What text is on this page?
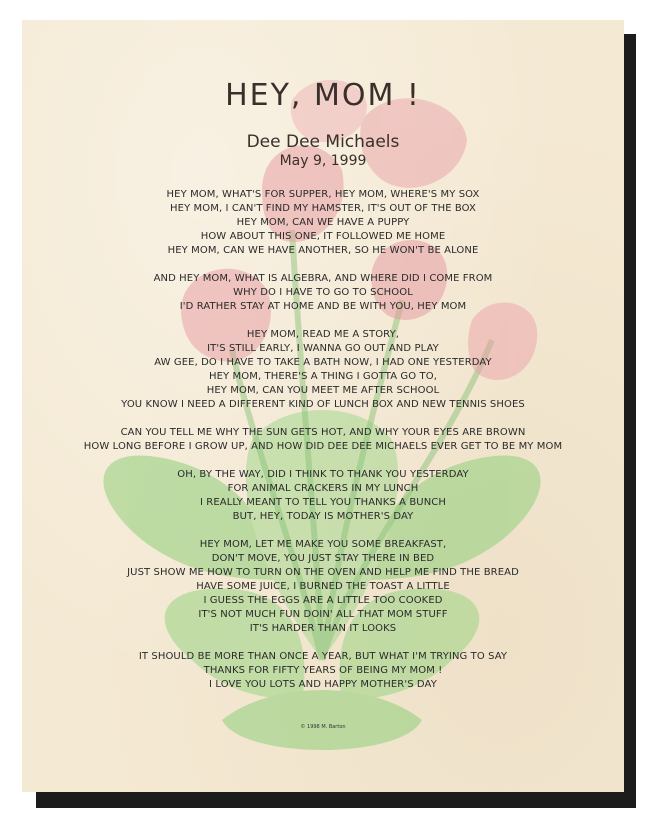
HEY, MOM !
Dee Dee Michaels
May 9, 1999
HEY MOM, WHAT'S FOR SUPPER, HEY MOM, WHERE'S MY SOX
HEY MOM, I CAN'T FIND MY HAMSTER, IT'S OUT OF THE BOX
HEY MOM, CAN WE HAVE A PUPPY
HOW ABOUT THIS ONE, IT FOLLOWED ME HOME
HEY MOM, CAN WE HAVE ANOTHER, SO HE WON'T BE ALONE
AND HEY MOM, WHAT IS ALGEBRA, AND WHERE DID I COME FROM
WHY DO I HAVE TO GO TO SCHOOL
I'D RATHER STAY AT HOME AND BE WITH YOU, HEY MOM
HEY MOM, READ ME A STORY,
IT'S STILL EARLY, I WANNA GO OUT AND PLAY
AW GEE, DO I HAVE TO TAKE A BATH NOW, I HAD ONE YESTERDAY
HEY MOM, THERE'S A THING I GOTTA GO TO,
HEY MOM, CAN YOU MEET ME AFTER SCHOOL
YOU KNOW I NEED A DIFFERENT KIND OF LUNCH BOX AND NEW TENNIS SHOES
CAN YOU TELL ME WHY THE SUN GETS HOT, AND WHY YOUR EYES ARE BROWN
HOW LONG BEFORE I GROW UP, AND HOW DID DEE DEE MICHAELS EVER GET TO BE MY MOM
OH, BY THE WAY, DID I THINK TO THANK YOU YESTERDAY
FOR ANIMAL CRACKERS IN MY LUNCH
I REALLY MEANT TO TELL YOU THANKS A BUNCH
BUT, HEY, TODAY IS MOTHER'S DAY
HEY MOM, LET ME MAKE YOU SOME BREAKFAST,
DON'T MOVE, YOU JUST STAY THERE IN BED
JUST SHOW ME HOW TO TURN ON THE OVEN AND HELP ME FIND THE BREAD
HAVE SOME JUICE, I BURNED THE TOAST A LITTLE
I GUESS THE EGGS ARE A LITTLE TOO COOKED
IT'S NOT MUCH FUN DOIN' ALL THAT MOM STUFF
IT'S HARDER THAN IT LOOKS
IT SHOULD BE MORE THAN ONCE A YEAR, BUT WHAT I'M TRYING TO SAY
THANKS FOR FIFTY YEARS OF BEING MY MOM !
I LOVE YOU LOTS AND HAPPY MOTHER'S DAY
© 1998 M. Barton
